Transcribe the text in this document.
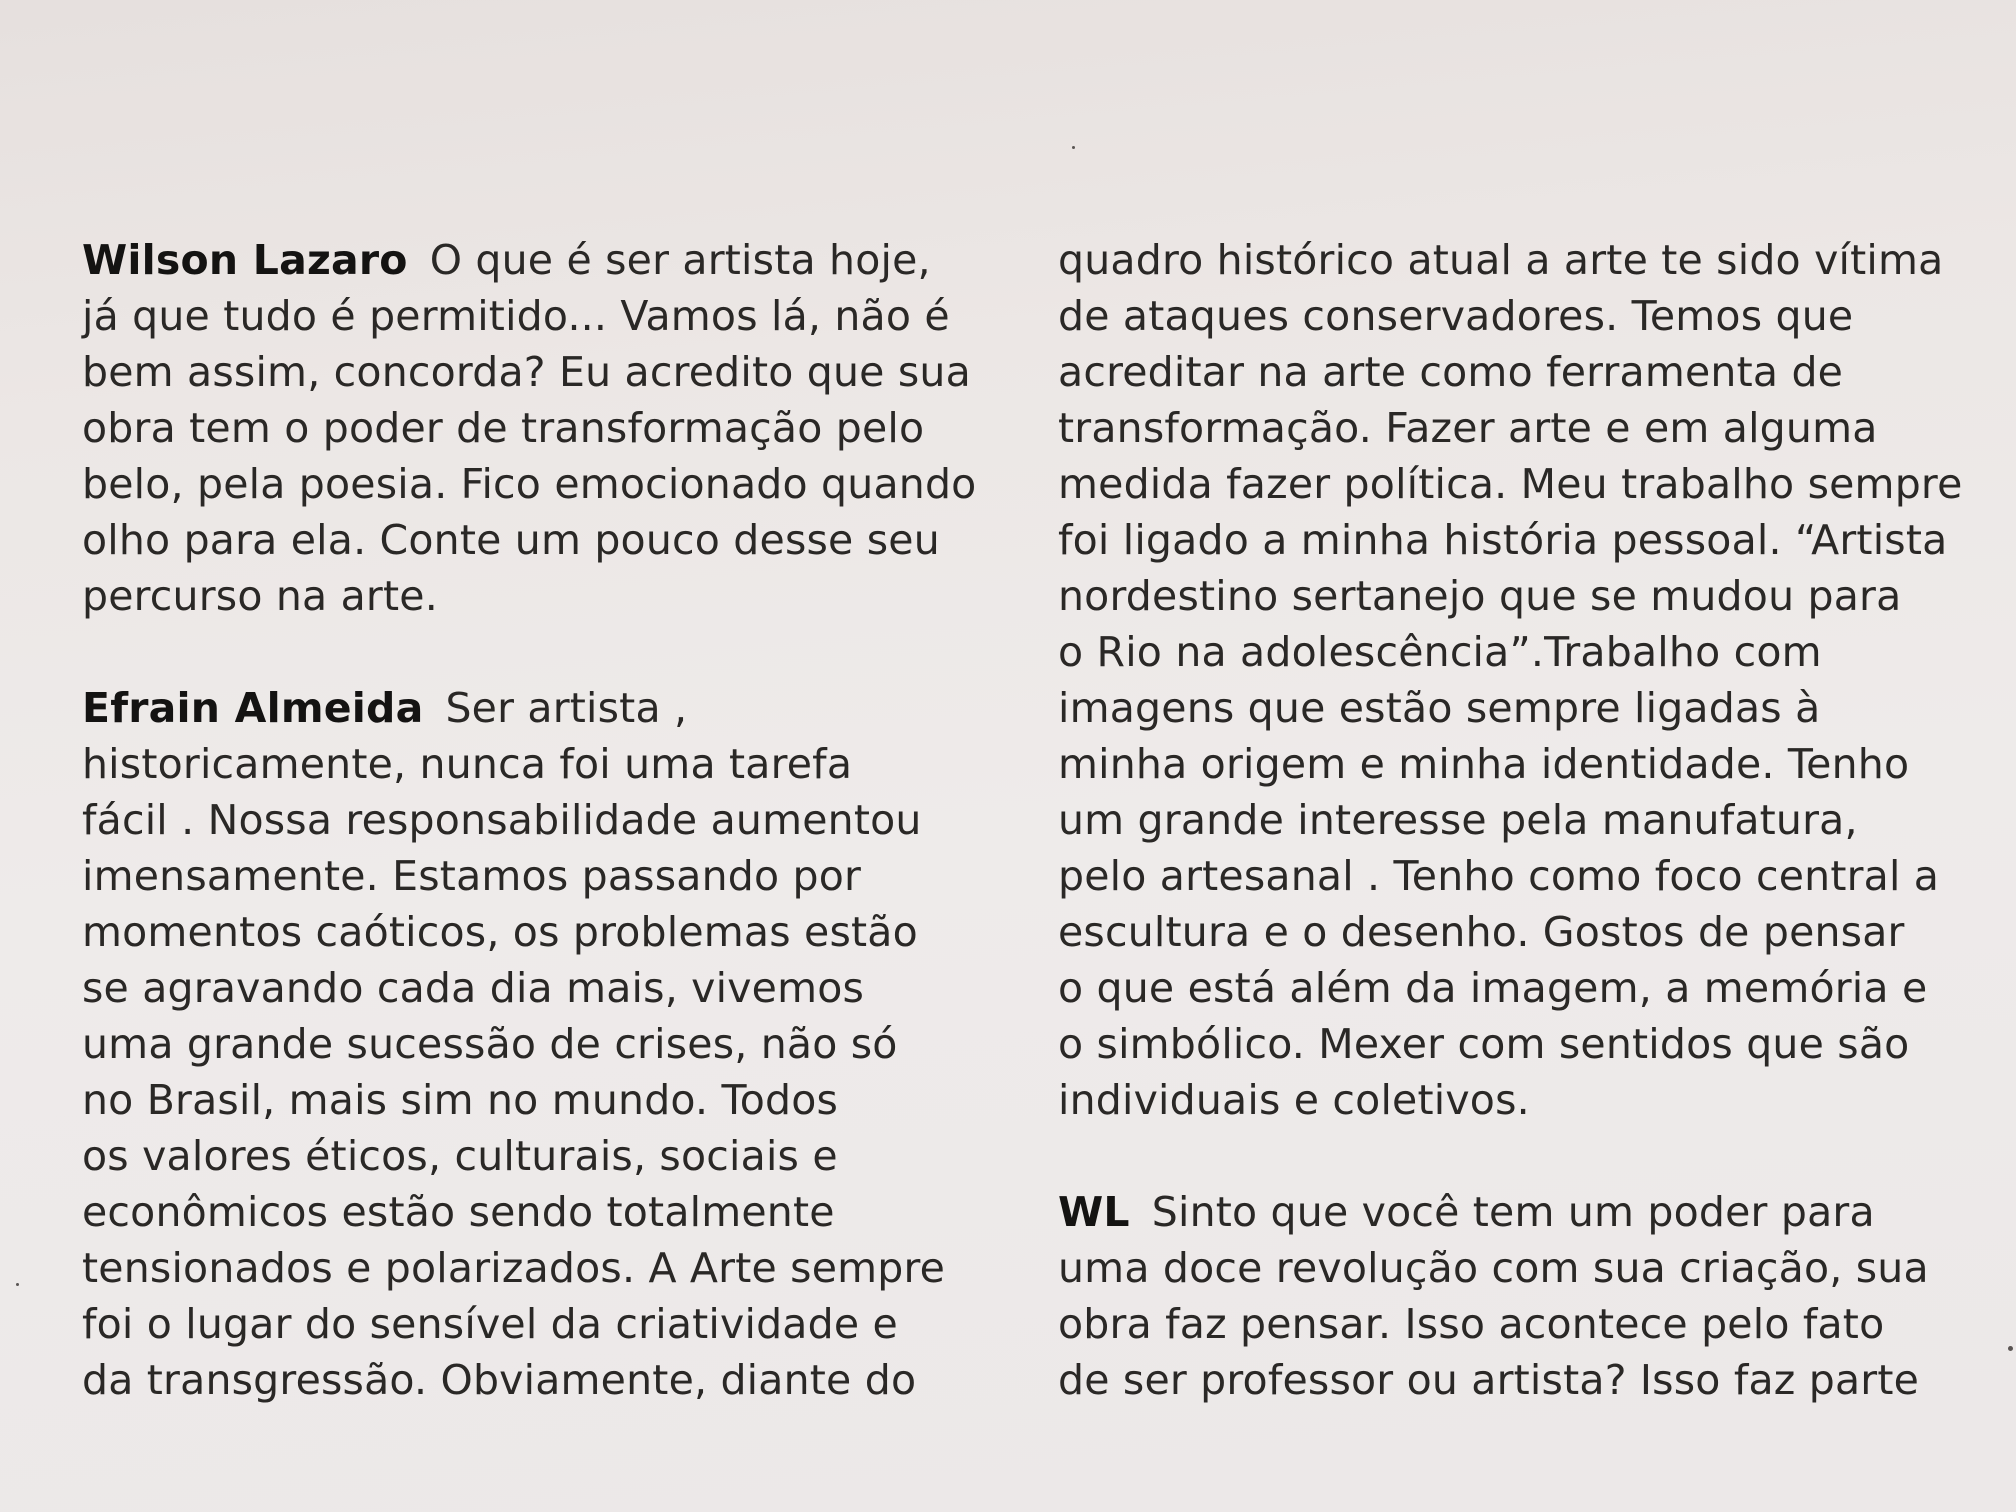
Wilson Lazaro O que é ser artista hoje,
já que tudo é permitido... Vamos lá, não é
bem assim, concorda? Eu acredito que sua
obra tem o poder de transformação pelo
belo, pela poesia. Fico emocionado quando
olho para ela. Conte um pouco desse seu
percurso na arte.
Efrain Almeida Ser artista ,
historicamente, nunca foi uma tarefa
fácil . Nossa responsabilidade aumentou
imensamente. Estamos passando por
momentos caóticos, os problemas estão
se agravando cada dia mais, vivemos
uma grande sucessão de crises, não só
no Brasil, mais sim no mundo. Todos
os valores éticos, culturais, sociais e
econômicos estão sendo totalmente
tensionados e polarizados. A Arte sempre
foi o lugar do sensível da criatividade e
da transgressão. Obviamente, diante do
quadro histórico atual a arte te sido vítima
de ataques conservadores. Temos que
acreditar na arte como ferramenta de
transformação. Fazer arte e em alguma
medida fazer política. Meu trabalho sempre
foi ligado a minha história pessoal. “Artista
nordestino sertanejo que se mudou para
o Rio na adolescência”.Trabalho com
imagens que estão sempre ligadas à
minha origem e minha identidade. Tenho
um grande interesse pela manufatura,
pelo artesanal . Tenho como foco central a
escultura e o desenho. Gostos de pensar
o que está além da imagem, a memória e
o simbólico. Mexer com sentidos que são
individuais e coletivos.
WL Sinto que você tem um poder para
uma doce revolução com sua criação, sua
obra faz pensar. Isso acontece pelo fato
de ser professor ou artista? Isso faz parte
